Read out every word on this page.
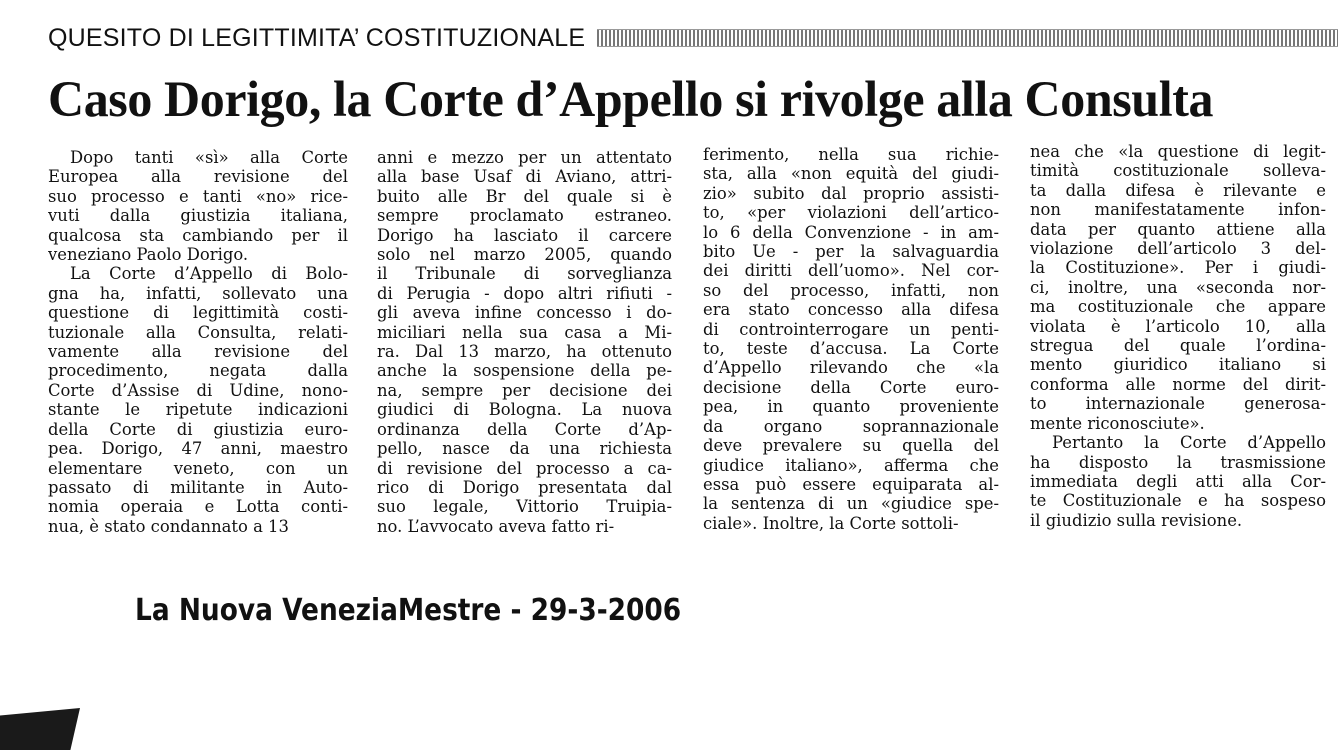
QUESITO DI LEGITTIMITA’ COSTITUZIONALE
Caso Dorigo, la Corte d’Appello si rivolge alla Consulta
Dopo tanti «sì» alla Corte
Europea alla revisione del
suo processo e tanti «no» rice-
vuti dalla giustizia italiana,
qualcosa sta cambiando per il
veneziano Paolo Dorigo.
La Corte d’Appello di Bolo-
gna ha, infatti, sollevato una
questione di legittimità costi-
tuzionale alla Consulta, relati-
vamente alla revisione del
procedimento, negata dalla
Corte d’Assise di Udine, nono-
stante le ripetute indicazioni
della Corte di giustizia euro-
pea. Dorigo, 47 anni, maestro
elementare veneto, con un
passato di militante in Auto-
nomia operaia e Lotta conti-
nua, è stato condannato a 13
anni e mezzo per un attentato
alla base Usaf di Aviano, attri-
buito alle Br del quale si è
sempre proclamato estraneo.
Dorigo ha lasciato il carcere
solo nel marzo 2005, quando
il Tribunale di sorveglianza
di Perugia - dopo altri rifiuti -
gli aveva infine concesso i do-
miciliari nella sua casa a Mi-
ra. Dal 13 marzo, ha ottenuto
anche la sospensione della pe-
na, sempre per decisione dei
giudici di Bologna. La nuova
ordinanza della Corte d’Ap-
pello, nasce da una richiesta
di revisione del processo a ca-
rico di Dorigo presentata dal
suo legale, Vittorio Truipia-
no. L’avvocato aveva fatto ri-
ferimento, nella sua richie-
sta, alla «non equità del giudi-
zio» subito dal proprio assisti-
to, «per violazioni dell’artico-
lo 6 della Convenzione - in am-
bito Ue - per la salvaguardia
dei diritti dell’uomo». Nel cor-
so del processo, infatti, non
era stato concesso alla difesa
di controinterrogare un penti-
to, teste d’accusa. La Corte
d’Appello rilevando che «la
decisione della Corte euro-
pea, in quanto proveniente
da organo soprannazionale
deve prevalere su quella del
giudice italiano», afferma che
essa può essere equiparata al-
la sentenza di un «giudice spe-
ciale». Inoltre, la Corte sottoli-
nea che «la questione di legit-
timità costituzionale solleva-
ta dalla difesa è rilevante e
non manifestatamente infon-
data per quanto attiene alla
violazione dell’articolo 3 del-
la Costituzione». Per i giudi-
ci, inoltre, una «seconda nor-
ma costituzionale che appare
violata è l’articolo 10, alla
stregua del quale l’ordina-
mento giuridico italiano si
conforma alle norme del dirit-
to internazionale generosa-
mente riconosciute».
Pertanto la Corte d’Appello
ha disposto la trasmissione
immediata degli atti alla Cor-
te Costituzionale e ha sospeso
il giudizio sulla revisione.
La Nuova VeneziaMestre - 29-3-2006
